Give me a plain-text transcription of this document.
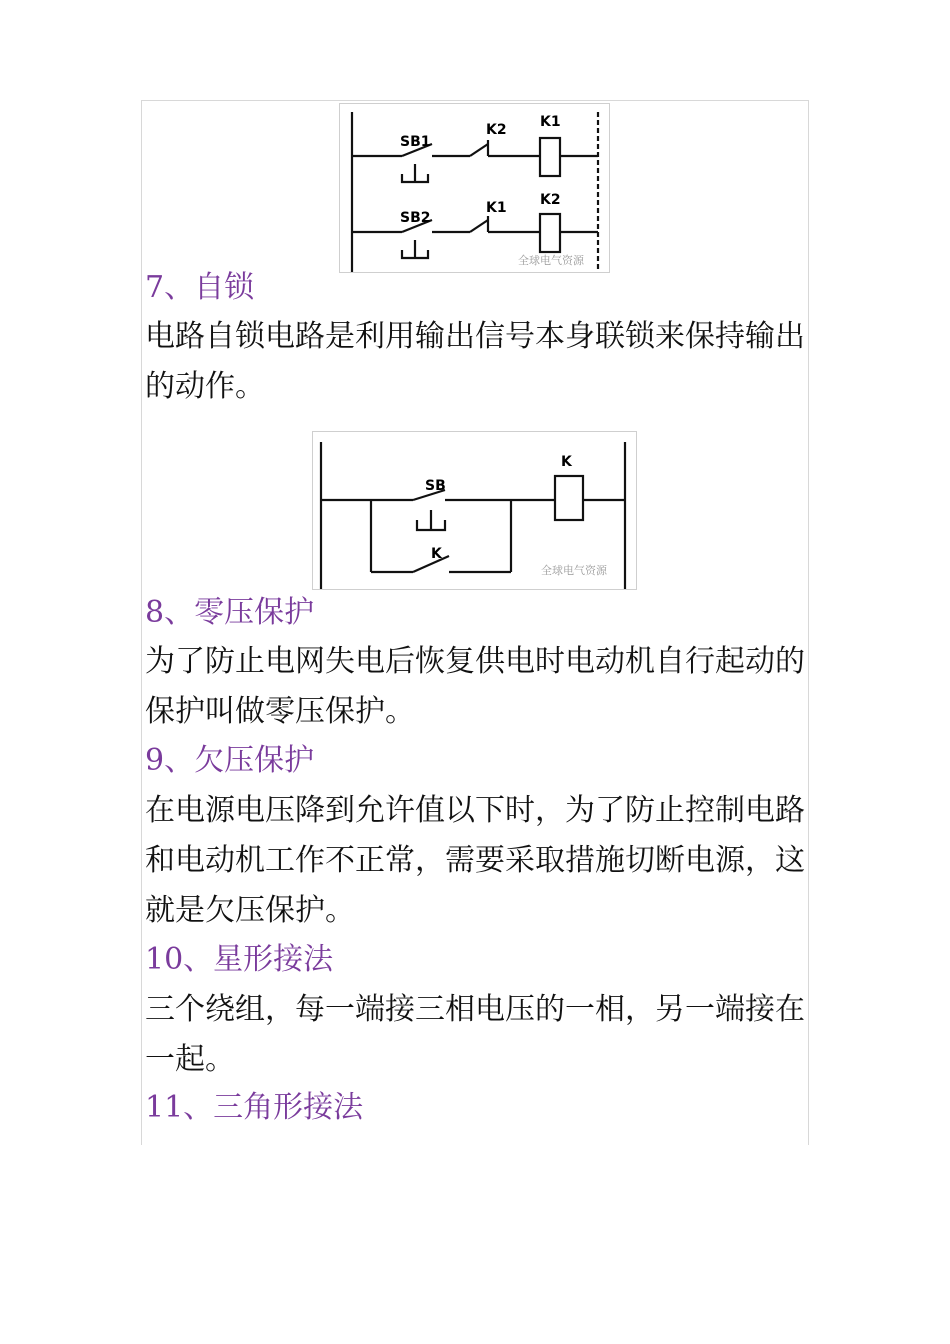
SB1
K2 K1
SB2
K1 K2
全球电气资源
7、自锁

电路自锁电路是利用输出信号本身联锁来保持输出的动作。

SB
K
K
全球电气资源
8、零压保护

为了防止电网失电后恢复供电时电动机自行起动的保护叫做零压保护。

9、欠压保护

在电源电压降到允许值以下时，为了防止控制电路和电动机工作不正常，需要采取措施切断电源，这就是欠压保护。

10、星形接法

三个绕组，每一端接三相电压的一相，另一端接在一起。

11、三角形接法
